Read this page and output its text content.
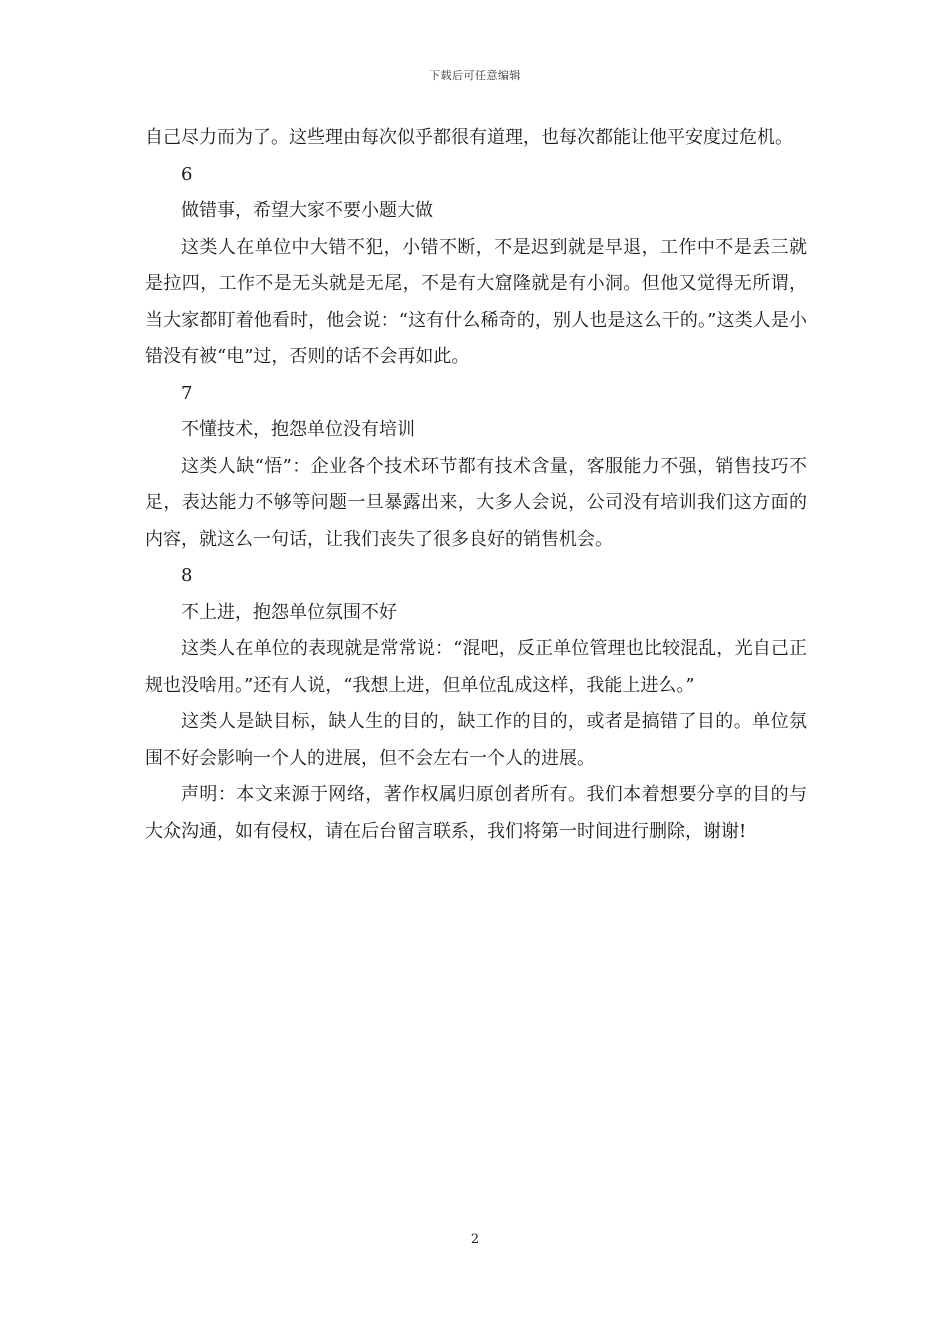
下载后可任意编辑

自己尽力而为了。这些理由每次似乎都很有道理，也每次都能让他平安度过危机。

6

做错事，希望大家不要小题大做

这类人在单位中大错不犯，小错不断，不是迟到就是早退，工作中不是丢三就是拉四，工作不是无头就是无尾，不是有大窟隆就是有小洞。但他又觉得无所谓，当大家都盯着他看时，他会说：“这有什么稀奇的，别人也是这么干的。”这类人是小错没有被“电”过，否则的话不会再如此。

7

不懂技术，抱怨单位没有培训

这类人缺“悟”：企业各个技术环节都有技术含量，客服能力不强，销售技巧不足，表达能力不够等问题一旦暴露出来，大多人会说，公司没有培训我们这方面的内容，就这么一句话，让我们丧失了很多良好的销售机会。

8

不上进，抱怨单位氛围不好

这类人在单位的表现就是常常说：“混吧，反正单位管理也比较混乱，光自己正规也没啥用。”还有人说，“我想上进，但单位乱成这样，我能上进么。”

这类人是缺目标，缺人生的目的，缺工作的目的，或者是搞错了目的。单位氛围不好会影响一个人的进展，但不会左右一个人的进展。

声明：本文来源于网络，著作权属归原创者所有。我们本着想要分享的目的与大众沟通，如有侵权，请在后台留言联系，我们将第一时间进行删除，谢谢!

2
